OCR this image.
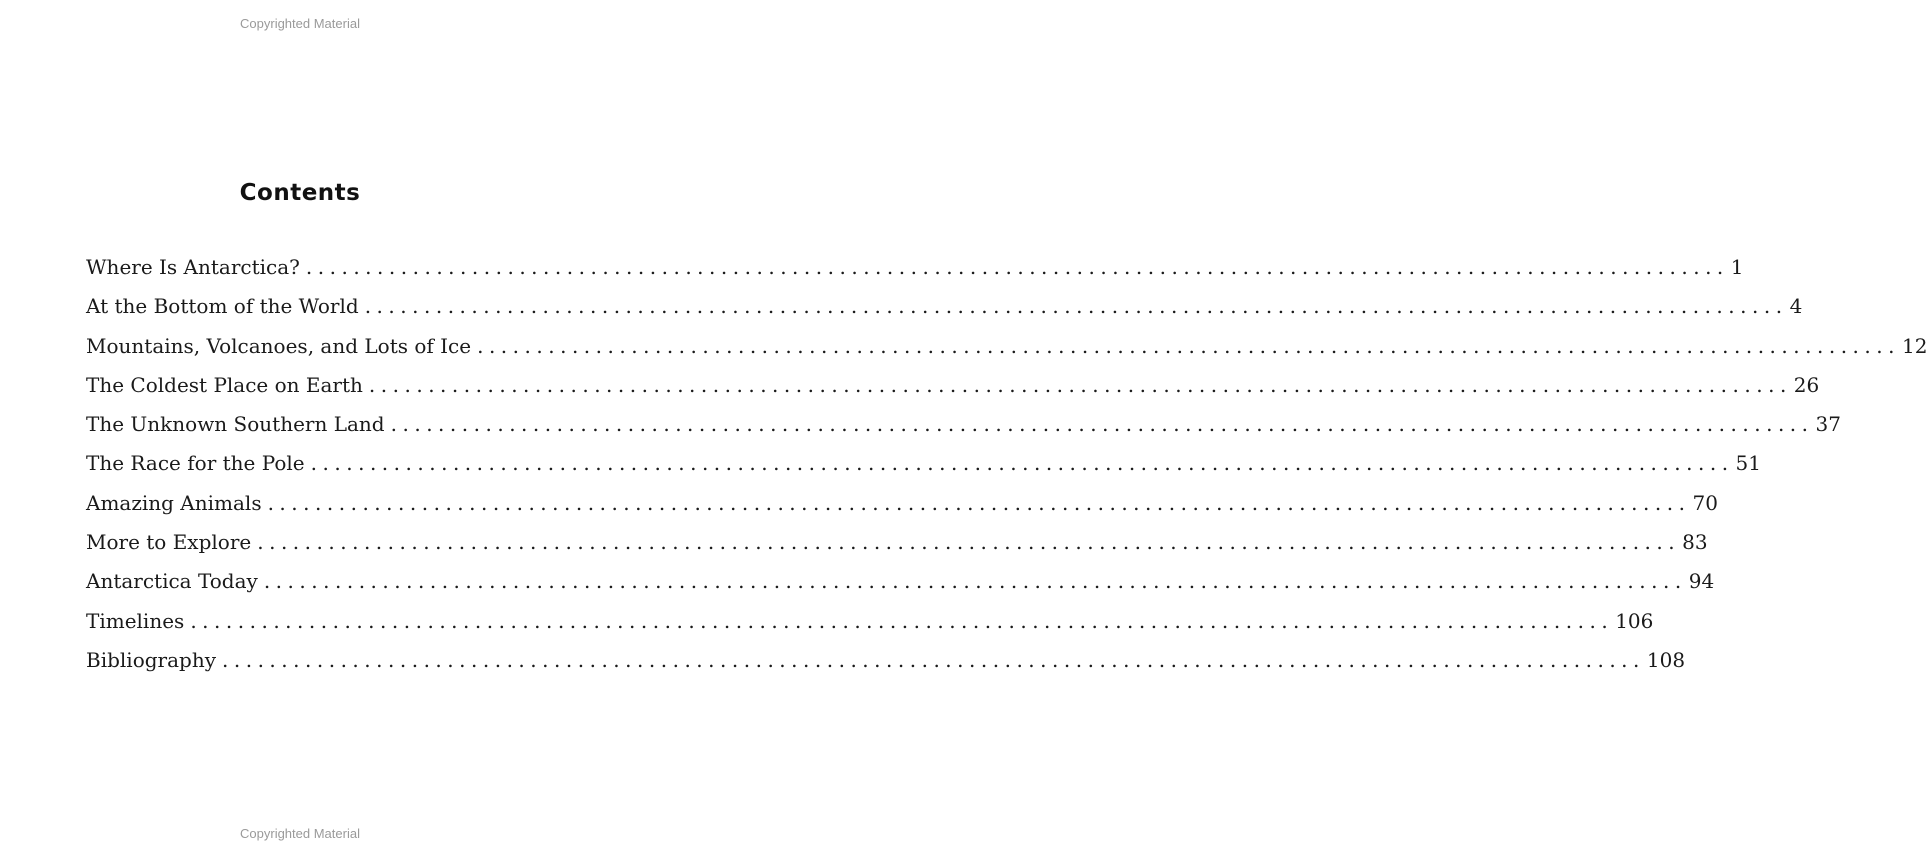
Copyrighted Material
Contents
Where Is Antarctica? ........................................................................................................................ 1
At the Bottom of the World ........................................................................................................................ 4
Mountains, Volcanoes, and Lots of Ice ........................................................................................................................ 12
The Coldest Place on Earth ........................................................................................................................ 26
The Unknown Southern Land ........................................................................................................................ 37
The Race for the Pole ........................................................................................................................ 51
Amazing Animals ........................................................................................................................ 70
More to Explore ........................................................................................................................ 83
Antarctica Today ........................................................................................................................ 94
Timelines ........................................................................................................................ 106
Bibliography ........................................................................................................................ 108
Copyrighted Material
